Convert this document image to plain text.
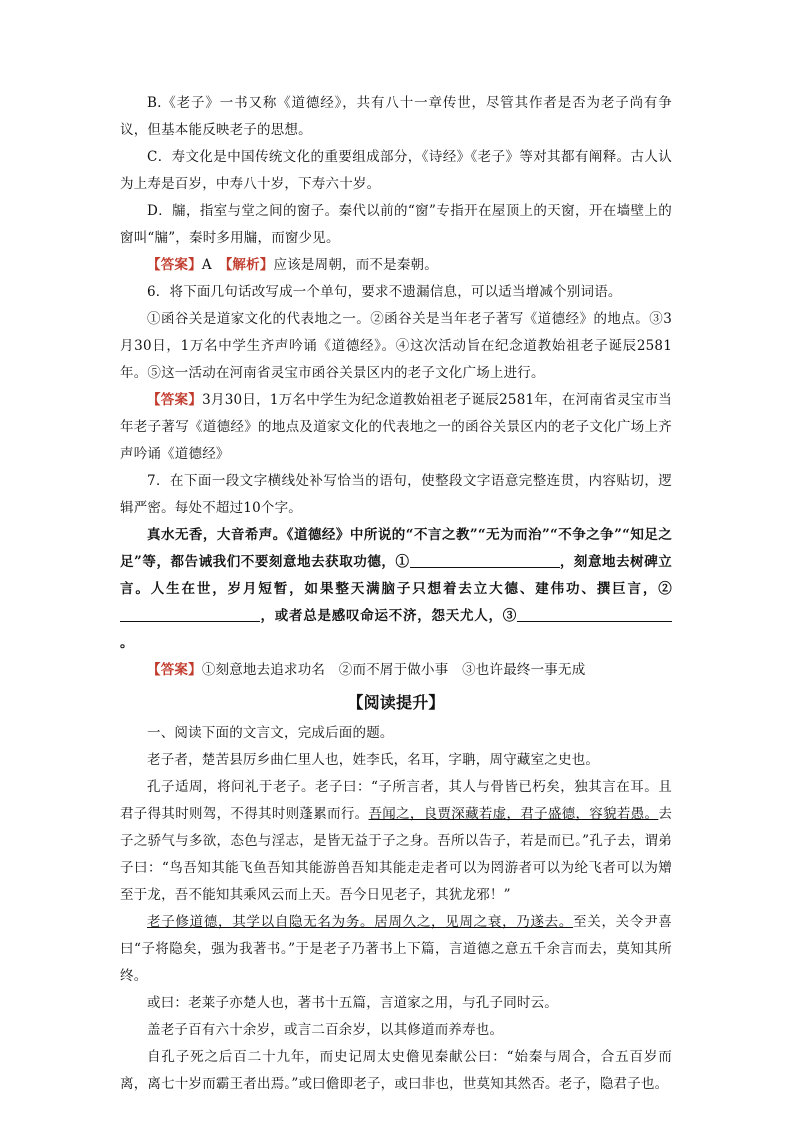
B.《老子》一书又称《道德经》，共有八十一章传世，尽管其作者是否为老子尚有争议，但基本能反映老子的思想。

C．寿文化是中国传统文化的重要组成部分，《诗经》《老子》等对其都有阐释。古人认为上寿是百岁，中寿八十岁，下寿六十岁。

D．牖，指室与堂之间的窗子。秦代以前的“窗”专指开在屋顶上的天窗，开在墙壁上的窗叫“牖”，秦时多用牖，而窗少见。

【答案】A　【解析】应该是周朝，而不是秦朝。

6．将下面几句话改写成一个单句，要求不遗漏信息，可以适当增减个别词语。

①函谷关是道家文化的代表地之一。②函谷关是当年老子著写《道德经》的地点。③3月30日，1万名中学生齐声吟诵《道德经》。④这次活动旨在纪念道教始祖老子诞辰2581年。⑤这一活动在河南省灵宝市函谷关景区内的老子文化广场上进行。

【答案】3月30日，1万名中学生为纪念道教始祖老子诞辰2581年，在河南省灵宝市当年老子著写《道德经》的地点及道家文化的代表地之一的函谷关景区内的老子文化广场上齐声吟诵《道德经》

7．在下面一段文字横线处补写恰当的语句，使整段文字语意完整连贯，内容贴切，逻辑严密。每处不超过10个字。

真水无香，大音希声。《道德经》中所说的“不言之教”“无为而治”“不争之争”“知足之足”等，都告诫我们不要刻意地去获取功德，①	，刻意地去树碑立言。人生在世，岁月短暂，如果整天满脑子只想着去立大德、建伟功、撰巨言，②，或者总是感叹命运不济，怨天尤人，③。

【答案】①刻意地去追求功名　②而不屑于做小事　③也许最终一事无成

【阅读提升】

一、阅读下面的文言文，完成后面的题。

老子者，楚苦县厉乡曲仁里人也，姓李氏，名耳，字聃，周守藏室之史也。

孔子适周，将问礼于老子。老子曰：“子所言者，其人与骨皆已朽矣，独其言在耳。且君子得其时则驾，不得其时则蓬累而行。吾闻之，良贾深藏若虚，君子盛德，容貌若愚。去子之骄气与多欲，态色与淫志，是皆无益于子之身。吾所以告子，若是而已。”孔子去，谓弟子曰：“鸟吾知其能飞鱼吾知其能游兽吾知其能走走者可以为罔游者可以为纶飞者可以为矰至于龙，吾不能知其乘风云而上天。吾今日见老子，其犹龙邪！”

老子修道德，其学以自隐无名为务。居周久之，见周之衰，乃遂去。至关，关令尹喜曰“子将隐矣，强为我著书。”于是老子乃著书上下篇，言道德之意五千余言而去，莫知其所终。

或曰：老莱子亦楚人也，著书十五篇，言道家之用，与孔子同时云。

盖老子百有六十余岁，或言二百余岁，以其修道而养寿也。

自孔子死之后百二十九年，而史记周太史儋见秦献公曰：“始秦与周合，合五百岁而离，离七十岁而霸王者出焉。”或曰儋即老子，或曰非也，世莫知其然否。老子，隐君子也。
